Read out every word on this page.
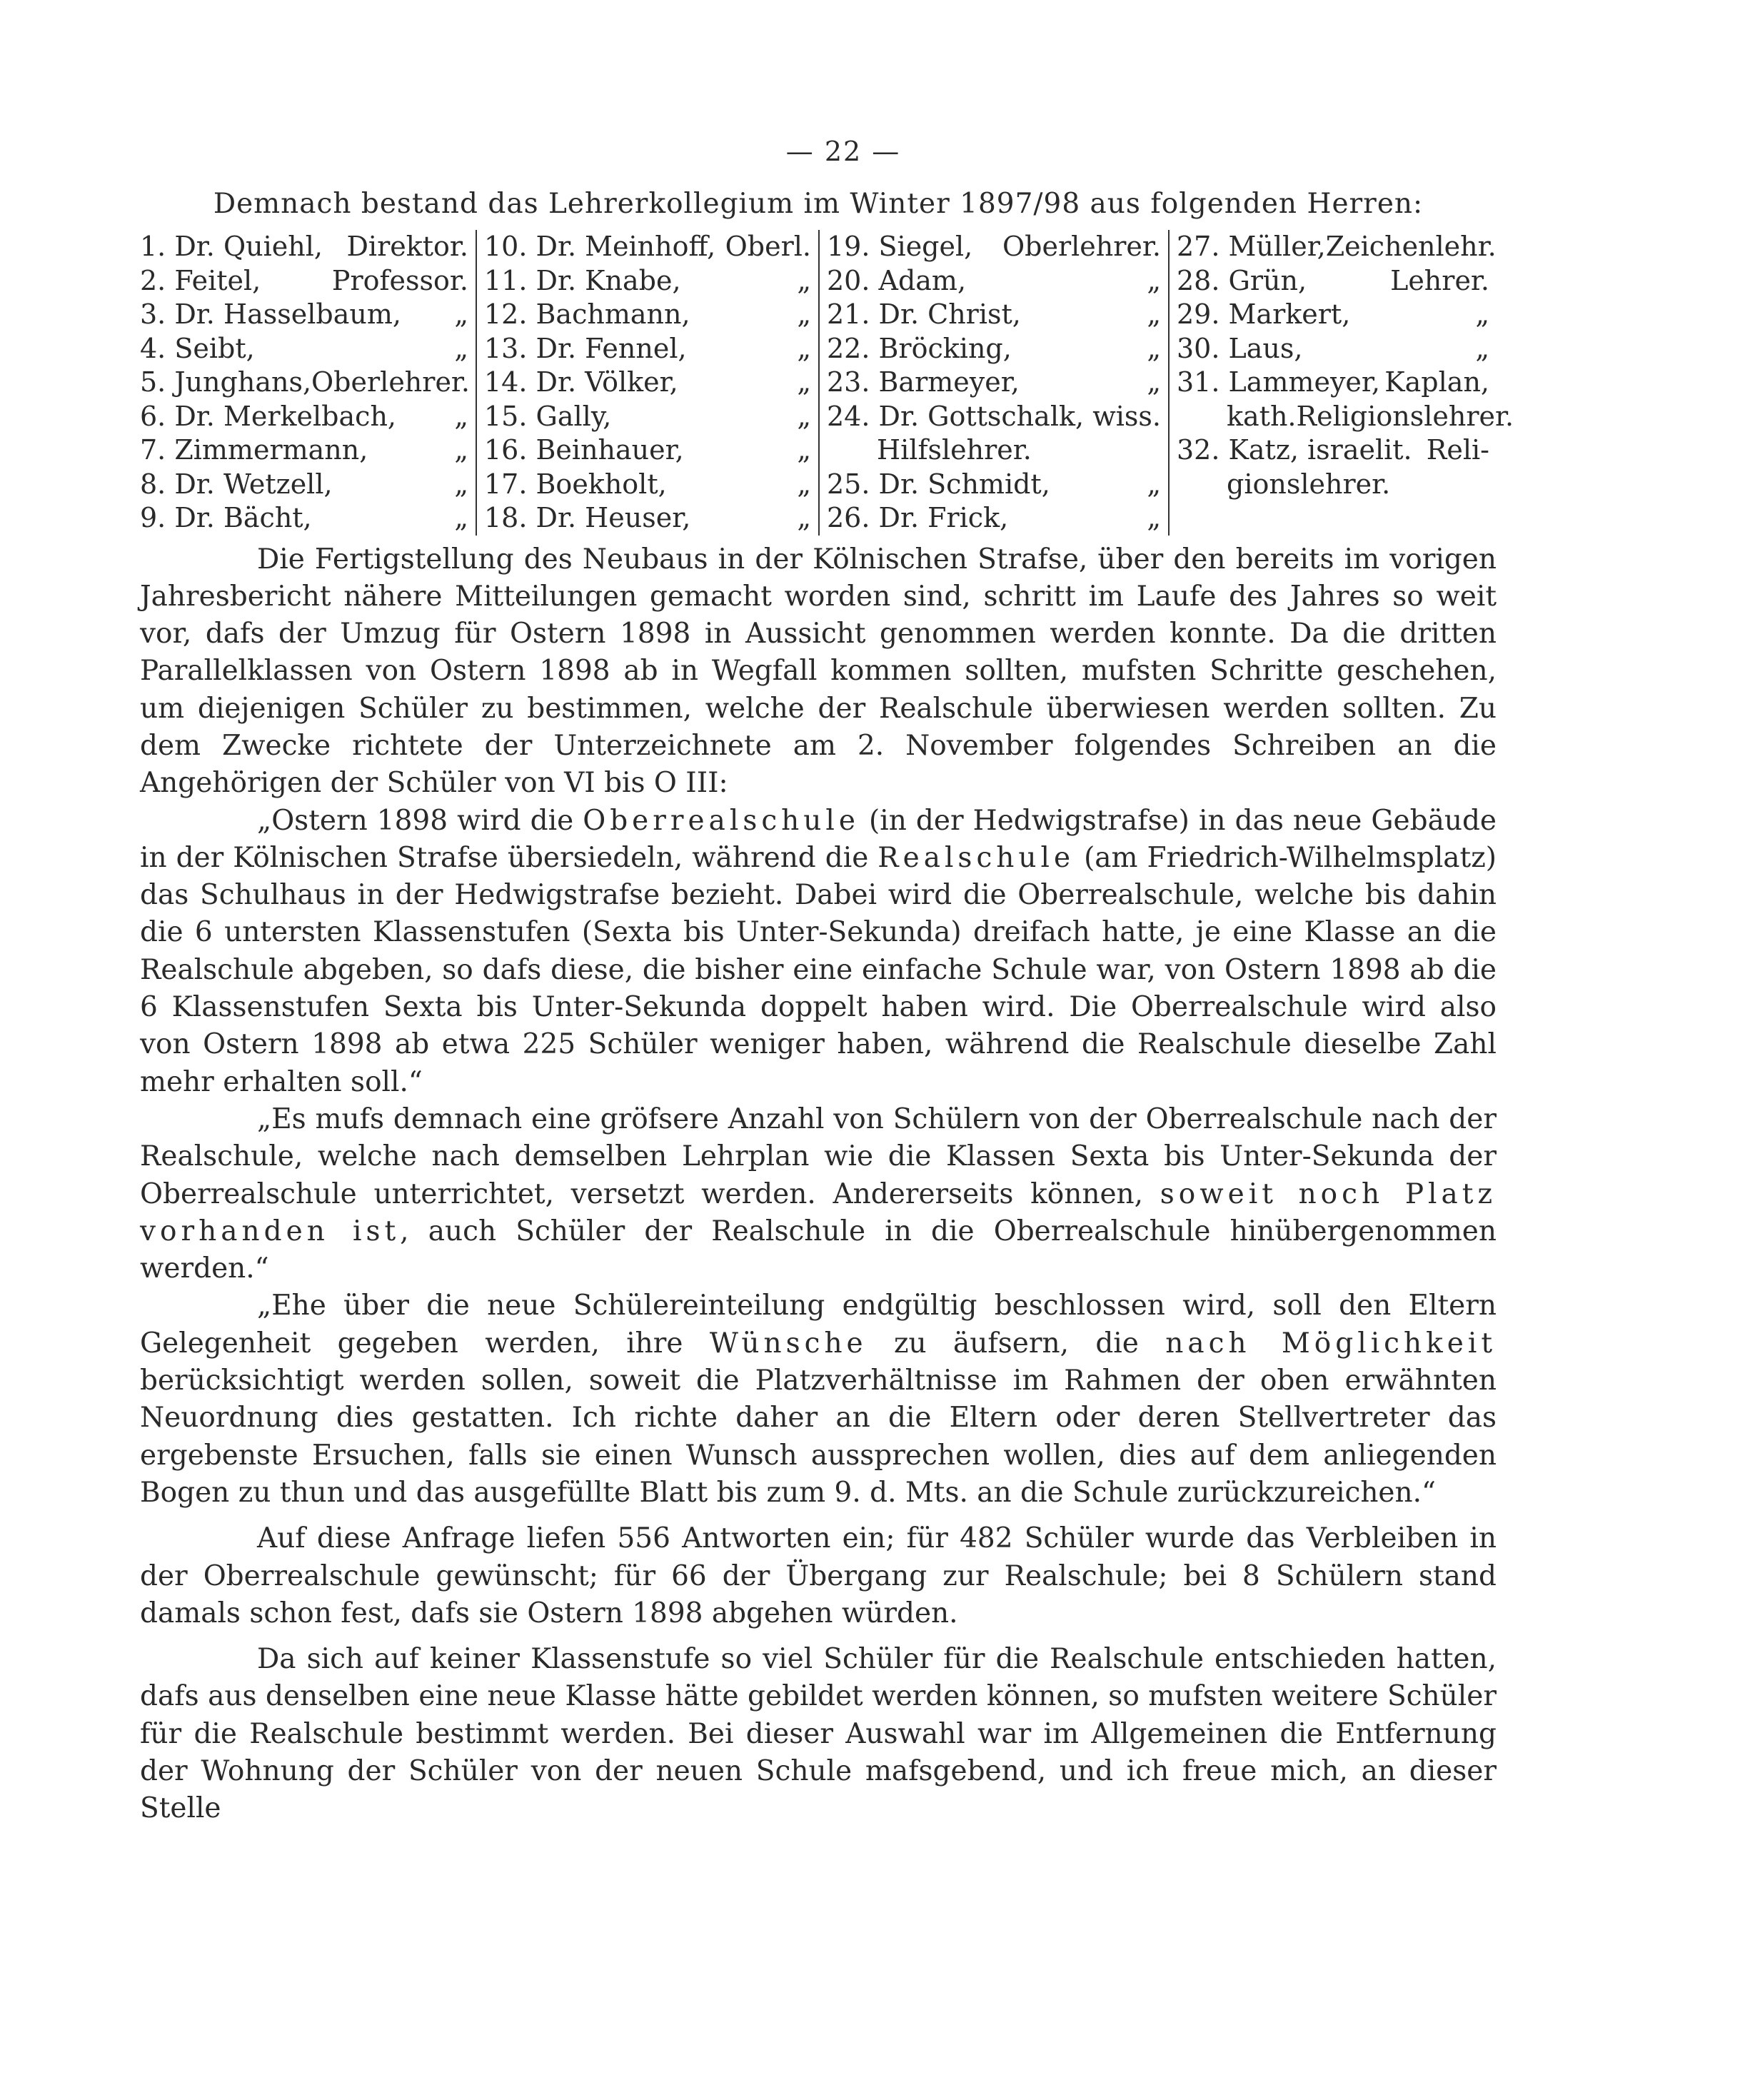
— 22 —
Demnach bestand das Lehrerkollegium im Winter 1897/98 aus folgenden Herren:
1. Dr. Quiehl, Direktor.
2. Feitel,	Professor.
3. Dr. Hasselbaum, „
4. Seibt,	„
5. Junghans, Oberlehrer.
6. Dr. Merkelbach, „
7. Zimmermann,	„
8. Dr. Wetzell,	„
9. Dr. Bächt,	„
10. Dr. Meinhoff, Oberl.
11. Dr. Knabe,	„
12. Bachmann,	„
13. Dr. Fennel,	„
14. Dr. Völker,	„
15. Gally,	„
16. Beinhauer,	„
17. Boekholt,	„
18. Dr. Heuser,	„
19. Siegel, Oberlehrer.
20. Adam,	„
21. Dr. Christ,	„
22. Bröcking,	„
23. Barmeyer,	„
24. Dr. Gottschalk, wiss.
Hilfslehrer.
25. Dr. Schmidt,	„
26. Dr. Frick,	„
27. Müller, Zeichenlehr.
28. Grün,	Lehrer.
29. Markert,	„
30. Laus,	„
31. Lammeyer, Kaplan,
kath.Religionslehrer.
32. Katz, israelit. Reli-
gionslehrer.

Die Fertigstellung des Neubaus in der Kölnischen Strafse, über den bereits im vorigen Jahresbericht nähere Mitteilungen gemacht worden sind, schritt im Laufe des Jahres so weit vor, dafs der Umzug für Ostern 1898 in Aussicht genommen werden konnte. Da die dritten Parallelklassen von Ostern 1898 ab in Wegfall kommen sollten, mufsten Schritte geschehen, um diejenigen Schüler zu bestimmen, welche der Realschule überwiesen werden sollten. Zu dem Zwecke richtete der Unterzeichnete am 2. November folgendes Schreiben an die Angehörigen der Schüler von VI bis O III:

„Ostern 1898 wird die Oberrealschule (in der Hedwigstrafse) in das neue Gebäude in der Kölnischen Strafse übersiedeln, während die Realschule (am Friedrich-Wilhelmsplatz) das Schulhaus in der Hedwigstrafse bezieht. Dabei wird die Oberrealschule, welche bis dahin die 6 untersten Klassenstufen (Sexta bis Unter-Sekunda) dreifach hatte, je eine Klasse an die Realschule abgeben, so dafs diese, die bisher eine einfache Schule war, von Ostern 1898 ab die 6 Klassenstufen Sexta bis Unter-Sekunda doppelt haben wird. Die Oberrealschule wird also von Ostern 1898 ab etwa 225 Schüler weniger haben, während die Realschule dieselbe Zahl mehr erhalten soll.“

„Es mufs demnach eine gröfsere Anzahl von Schülern von der Oberrealschule nach der Realschule, welche nach demselben Lehrplan wie die Klassen Sexta bis Unter-Sekunda der Oberrealschule unterrichtet, versetzt werden. Andererseits können, soweit noch Platz vorhanden ist, auch Schüler der Realschule in die Oberrealschule hinübergenommen werden.“

„Ehe über die neue Schülereinteilung endgültig beschlossen wird, soll den Eltern Gelegenheit gegeben werden, ihre Wünsche zu äufsern, die nach Möglichkeit berücksichtigt werden sollen, soweit die Platzverhältnisse im Rahmen der oben erwähnten Neuordnung dies gestatten. Ich richte daher an die Eltern oder deren Stellvertreter das ergebenste Ersuchen, falls sie einen Wunsch aussprechen wollen, dies auf dem anliegenden Bogen zu thun und das ausgefüllte Blatt bis zum 9. d. Mts. an die Schule zurückzureichen.“

Auf diese Anfrage liefen 556 Antworten ein; für 482 Schüler wurde das Verbleiben in der Oberrealschule gewünscht; für 66 der Übergang zur Realschule; bei 8 Schülern stand damals schon fest, dafs sie Ostern 1898 abgehen würden.

Da sich auf keiner Klassenstufe so viel Schüler für die Realschule entschieden hatten, dafs aus denselben eine neue Klasse hätte gebildet werden können, so mufsten weitere Schüler für die Realschule bestimmt werden. Bei dieser Auswahl war im Allgemeinen die Entfernung der Wohnung der Schüler von der neuen Schule mafsgebend, und ich freue mich, an dieser Stelle
